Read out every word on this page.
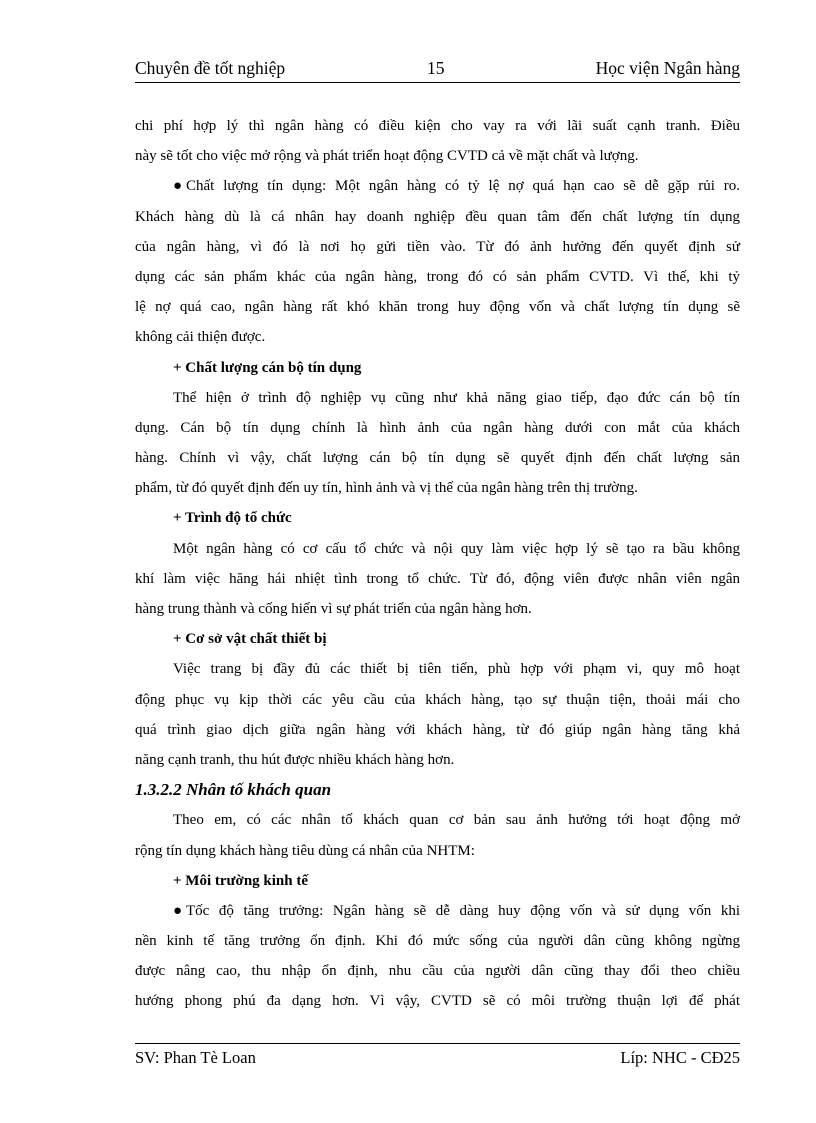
Chuyên đề tốt nghiệp	15	Học viện Ngân hàng
chi phí hợp lý thì ngân hàng có điều kiện cho vay ra với lãi suất cạnh tranh. Điều
này sẽ tốt cho việc mở rộng và phát triển hoạt động CVTD cả về mặt chất và lượng.
● Chất lượng tín dụng: Một ngân hàng có tỷ lệ nợ quá hạn cao sẽ dễ gặp rủi ro.
Khách hàng dù là cá nhân hay doanh nghiệp đều quan tâm đến chất lượng tín dụng
của ngân hàng, vì đó là nơi họ gửi tiền vào. Từ đó ảnh hưởng đến quyết định sử
dụng các sản phẩm khác của ngân hàng, trong đó có sản phẩm CVTD. Vì thế, khi tỷ
lệ nợ quá cao, ngân hàng rất khó khăn trong huy động vốn và chất lượng tín dụng sẽ
không cải thiện được.
+ Chất lượng cán bộ tín dụng
Thể hiện ở trình độ nghiệp vụ cũng như khả năng giao tiếp, đạo đức cán bộ tín
dụng. Cán bộ tín dụng chính là hình ảnh của ngân hàng dưới con mắt của khách
hàng. Chính vì vậy, chất lượng cán bộ tín dụng sẽ quyết định đến chất lượng sản
phẩm, từ đó quyết định đến uy tín, hình ảnh và vị thế của ngân hàng trên thị trường.
+ Trình độ tổ chức
Một ngân hàng có cơ cấu tổ chức và nội quy làm việc hợp lý sẽ tạo ra bầu không
khí làm việc hăng hái nhiệt tình trong tổ chức. Từ đó, động viên được nhân viên ngân
hàng trung thành và cống hiến vì sự phát triển của ngân hàng hơn.
+ Cơ sở vật chất thiết bị
Việc trang bị đầy đủ các thiết bị tiên tiến, phù hợp với phạm vi, quy mô hoạt
động phục vụ kịp thời các yêu cầu của khách hàng, tạo sự thuận tiện, thoải mái cho
quá trình giao dịch giữa ngân hàng với khách hàng, từ đó giúp ngân hàng tăng khả
năng cạnh tranh, thu hút được nhiều khách hàng hơn.
1.3.2.2 Nhân tố khách quan
Theo em, có các nhân tố khách quan cơ bản sau ảnh hưởng tới hoạt động mở
rộng tín dụng khách hàng tiêu dùng cá nhân của NHTM:
+ Môi trường kinh tế
● Tốc độ tăng trưởng: Ngân hàng sẽ dễ dàng huy động vốn và sử dụng vốn khi
nền kinh tế tăng trưởng ổn định. Khi đó mức sống của người dân cũng không ngừng
được nâng cao, thu nhập ổn định, nhu cầu của người dân cũng thay đổi theo chiều
hướng phong phú đa dạng hơn. Vì vậy, CVTD sẽ có môi trường thuận lợi để phát
SV: Phan Tè Loan	Líp: NHC - CĐ25
